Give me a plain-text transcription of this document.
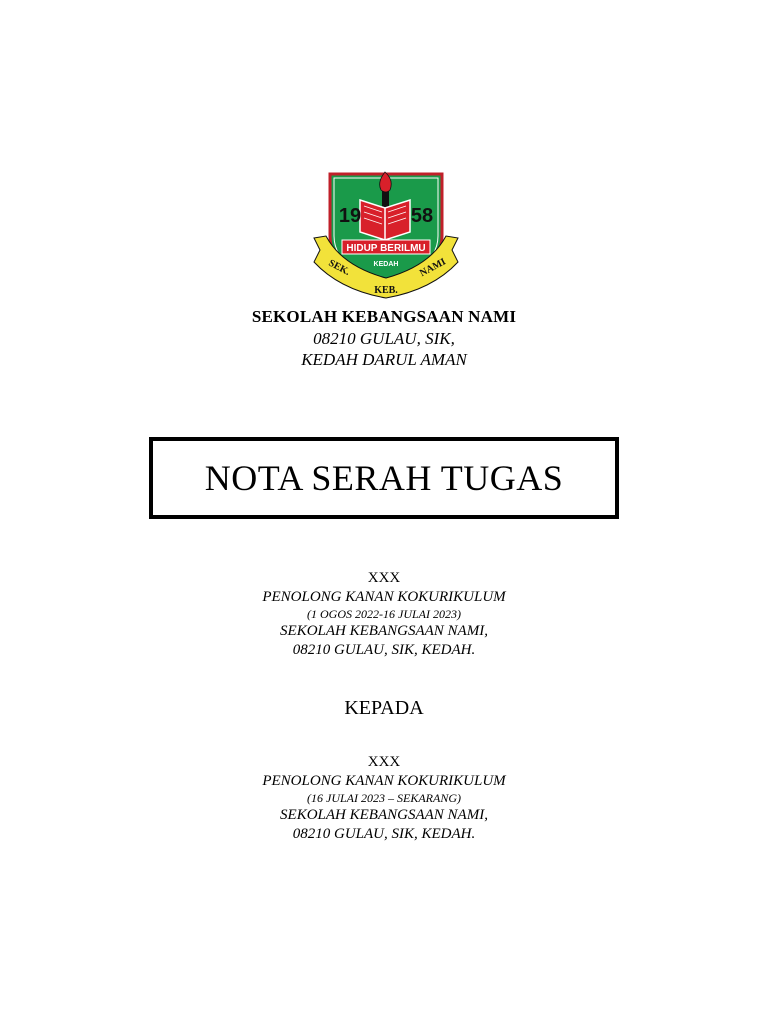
19 58
HIDUP BERILMU
KEDAH
SEK.
KEB.
NAMI
SEKOLAH KEBANGSAAN NAMI
08210 GULAU, SIK,
KEDAH DARUL AMAN
NOTA SERAH TUGAS
XXX
PENOLONG KANAN KOKURIKULUM
(1 OGOS 2022-16 JULAI 2023)
SEKOLAH KEBANGSAAN NAMI,
08210 GULAU, SIK, KEDAH.
KEPADA
XXX
PENOLONG KANAN KOKURIKULUM
(16 JULAI 2023 – SEKARANG)
SEKOLAH KEBANGSAAN NAMI,
08210 GULAU, SIK, KEDAH.
